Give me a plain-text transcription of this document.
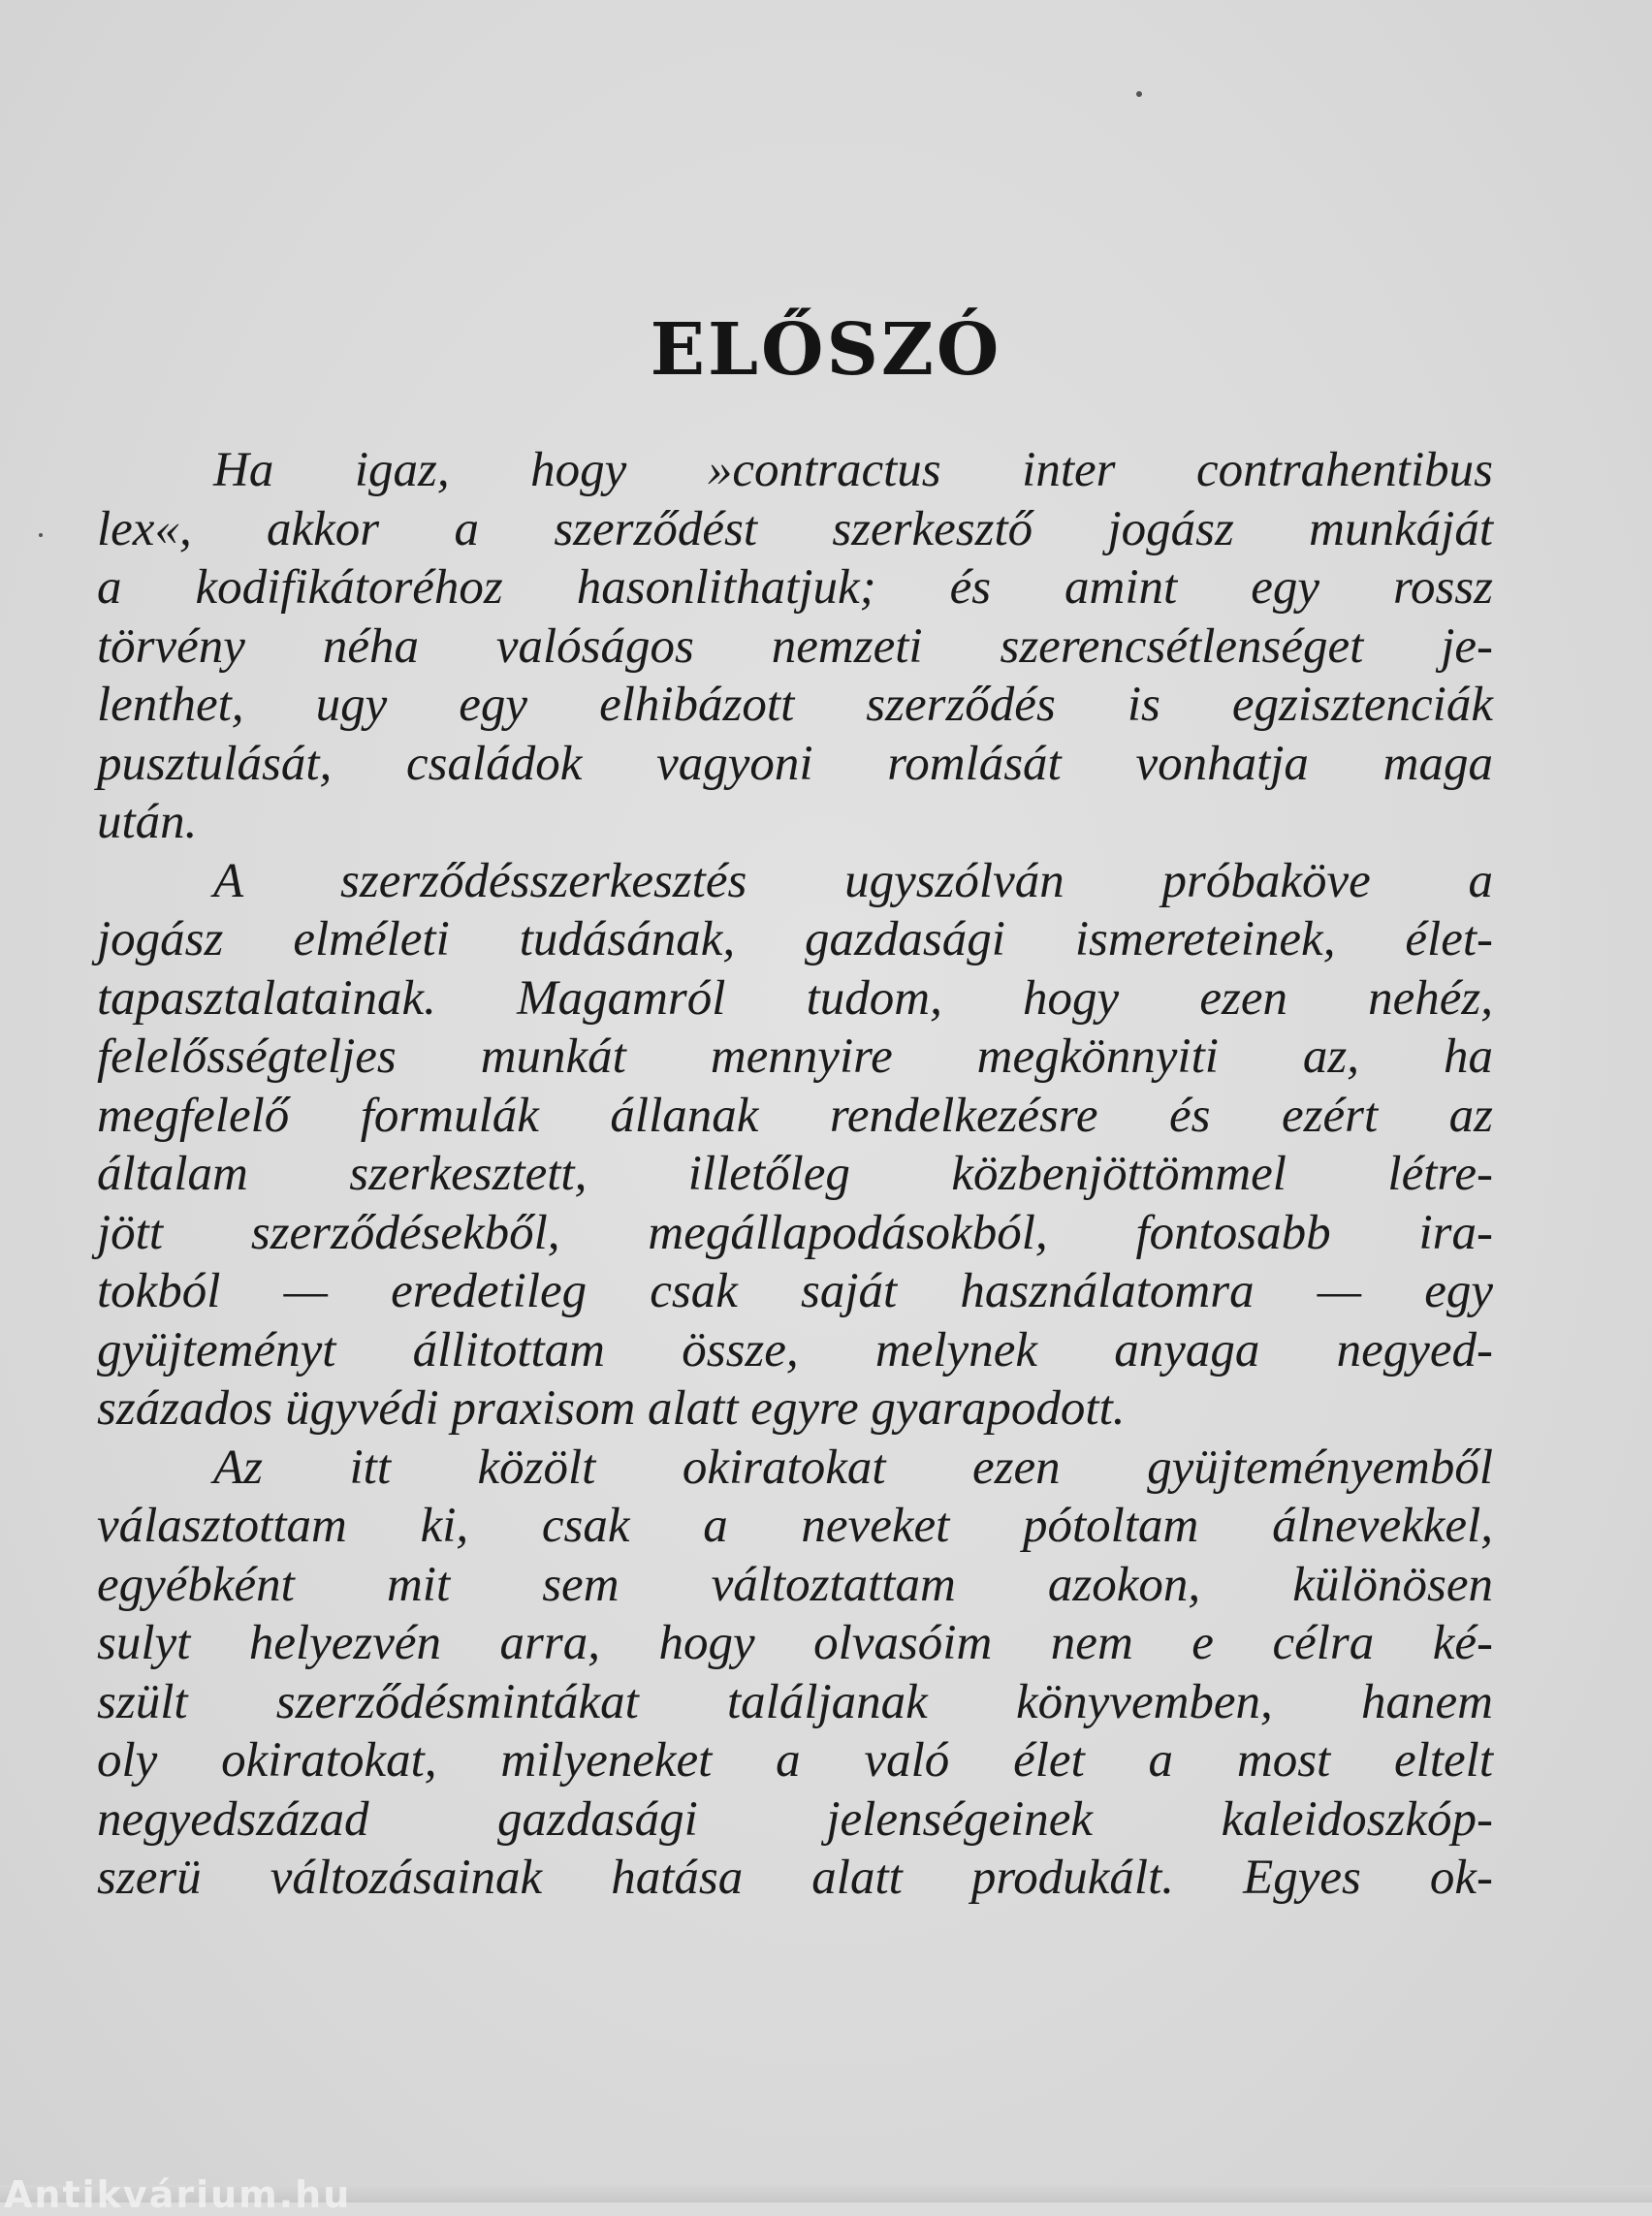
ELŐSZÓ
Ha igaz, hogy »contractus inter contrahentibus
lex«, akkor a szerződést szerkesztő jogász munkáját
a kodifikátoréhoz hasonlithatjuk; és amint egy rossz
törvény néha valóságos nemzeti szerencsétlenséget je-
lenthet, ugy egy elhibázott szerződés is egzisztenciák
pusztulását, családok vagyoni romlását vonhatja maga
után.
A szerződésszerkesztés ugyszólván próbaköve a
jogász elméleti tudásának, gazdasági ismereteinek, élet-
tapasztalatainak. Magamról tudom, hogy ezen nehéz,
felelősségteljes munkát mennyire megkönnyiti az, ha
megfelelő formulák állanak rendelkezésre és ezért az
általam szerkesztett, illetőleg közbenjöttömmel létre-
jött szerződésekből, megállapodásokból, fontosabb ira-
tokból — eredetileg csak saját használatomra — egy
gyüjteményt állitottam össze, melynek anyaga negyed-
százados ügyvédi praxisom alatt egyre gyarapodott.
Az itt közölt okiratokat ezen gyüjteményemből
választottam ki, csak a neveket pótoltam álnevekkel,
egyébként mit sem változtattam azokon, különösen
sulyt helyezvén arra, hogy olvasóim nem e célra ké-
szült szerződésmintákat találjanak könyvemben, hanem
oly okiratokat, milyeneket a való élet a most eltelt
negyedszázad gazdasági jelenségeinek kaleidoszkóp-
szerü változásainak hatása alatt produkált. Egyes ok-
Antikvárium.hu
